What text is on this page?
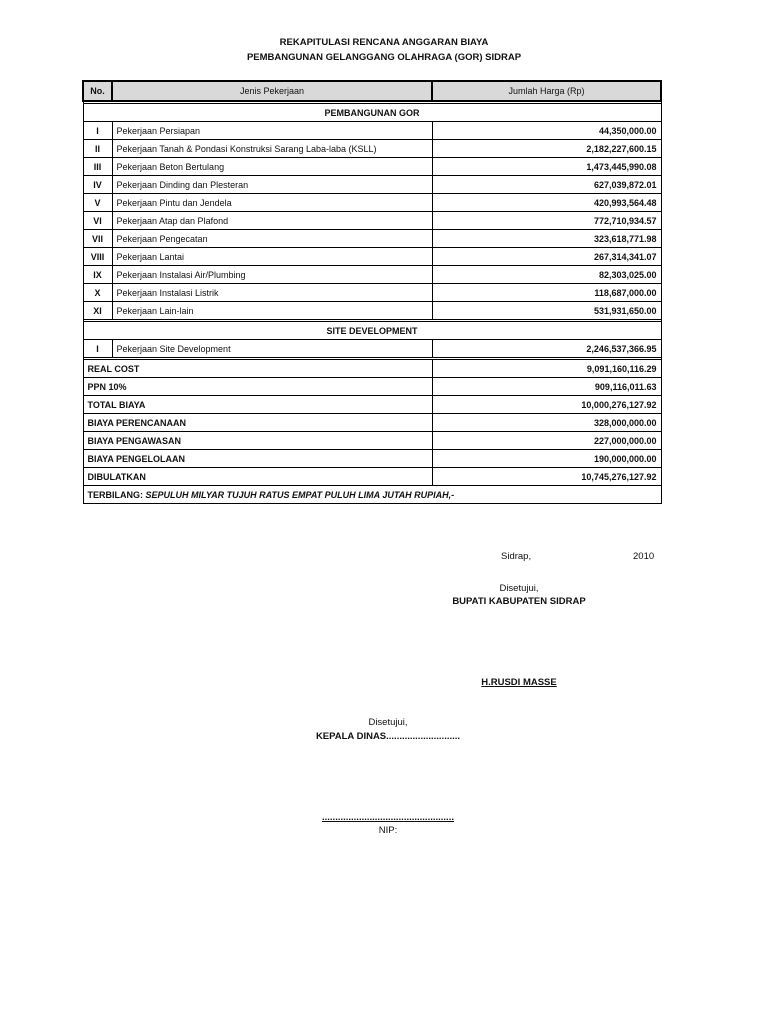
REKAPITULASI RENCANA ANGGARAN BIAYA
PEMBANGUNAN GELANGGANG OLAHRAGA (GOR) SIDRAP
No.	Jenis Pekerjaan	Jumlah Harga (Rp)

PEMBANGUNAN GOR		
I	Pekerjaan Persiapan	44,350,000.00
II	Pekerjaan Tanah & Pondasi Konstruksi Sarang Laba-laba (KSLL)	2,182,227,600.15
III	Pekerjaan Beton Bertulang	1,473,445,990.08
IV	Pekerjaan Dinding dan Plesteran	627,039,872.01
V	Pekerjaan Pintu dan Jendela	420,993,564.48
VI	Pekerjaan Atap dan Plafond	772,710,934.57
VII	Pekerjaan Pengecatan	323,618,771.98
VIII	Pekerjaan Lantai	267,314,341.07
IX	Pekerjaan Instalasi Air/Plumbing	82,303,025.00
X	Pekerjaan Instalasi Listrik	118,687,000.00
XI	Pekerjaan Lain-lain	531,931,650.00

SITE DEVELOPMENT		
I	Pekerjaan Site Development	2,246,537,366.95

REAL COST		9,091,160,116.29
PPN 10%		909,116,011.63
TOTAL BIAYA		10,000,276,127.92
BIAYA PERENCANAAN		328,000,000.00
BIAYA PENGAWASAN		227,000,000.00
BIAYA PENGELOLAAN		190,000,000.00
DIBULATKAN		10,745,276,127.92
TERBILANG: SEPULUH MILYAR TUJUH RATUS EMPAT PULUH LIMA JUTAH RUPIAH,-		
Sidrap,	2010
Disetujui,
BUPATI KABUPATEN SIDRAP
H.RUSDI MASSE
Disetujui,
KEPALA DINAS............................
..................................................
NIP:
